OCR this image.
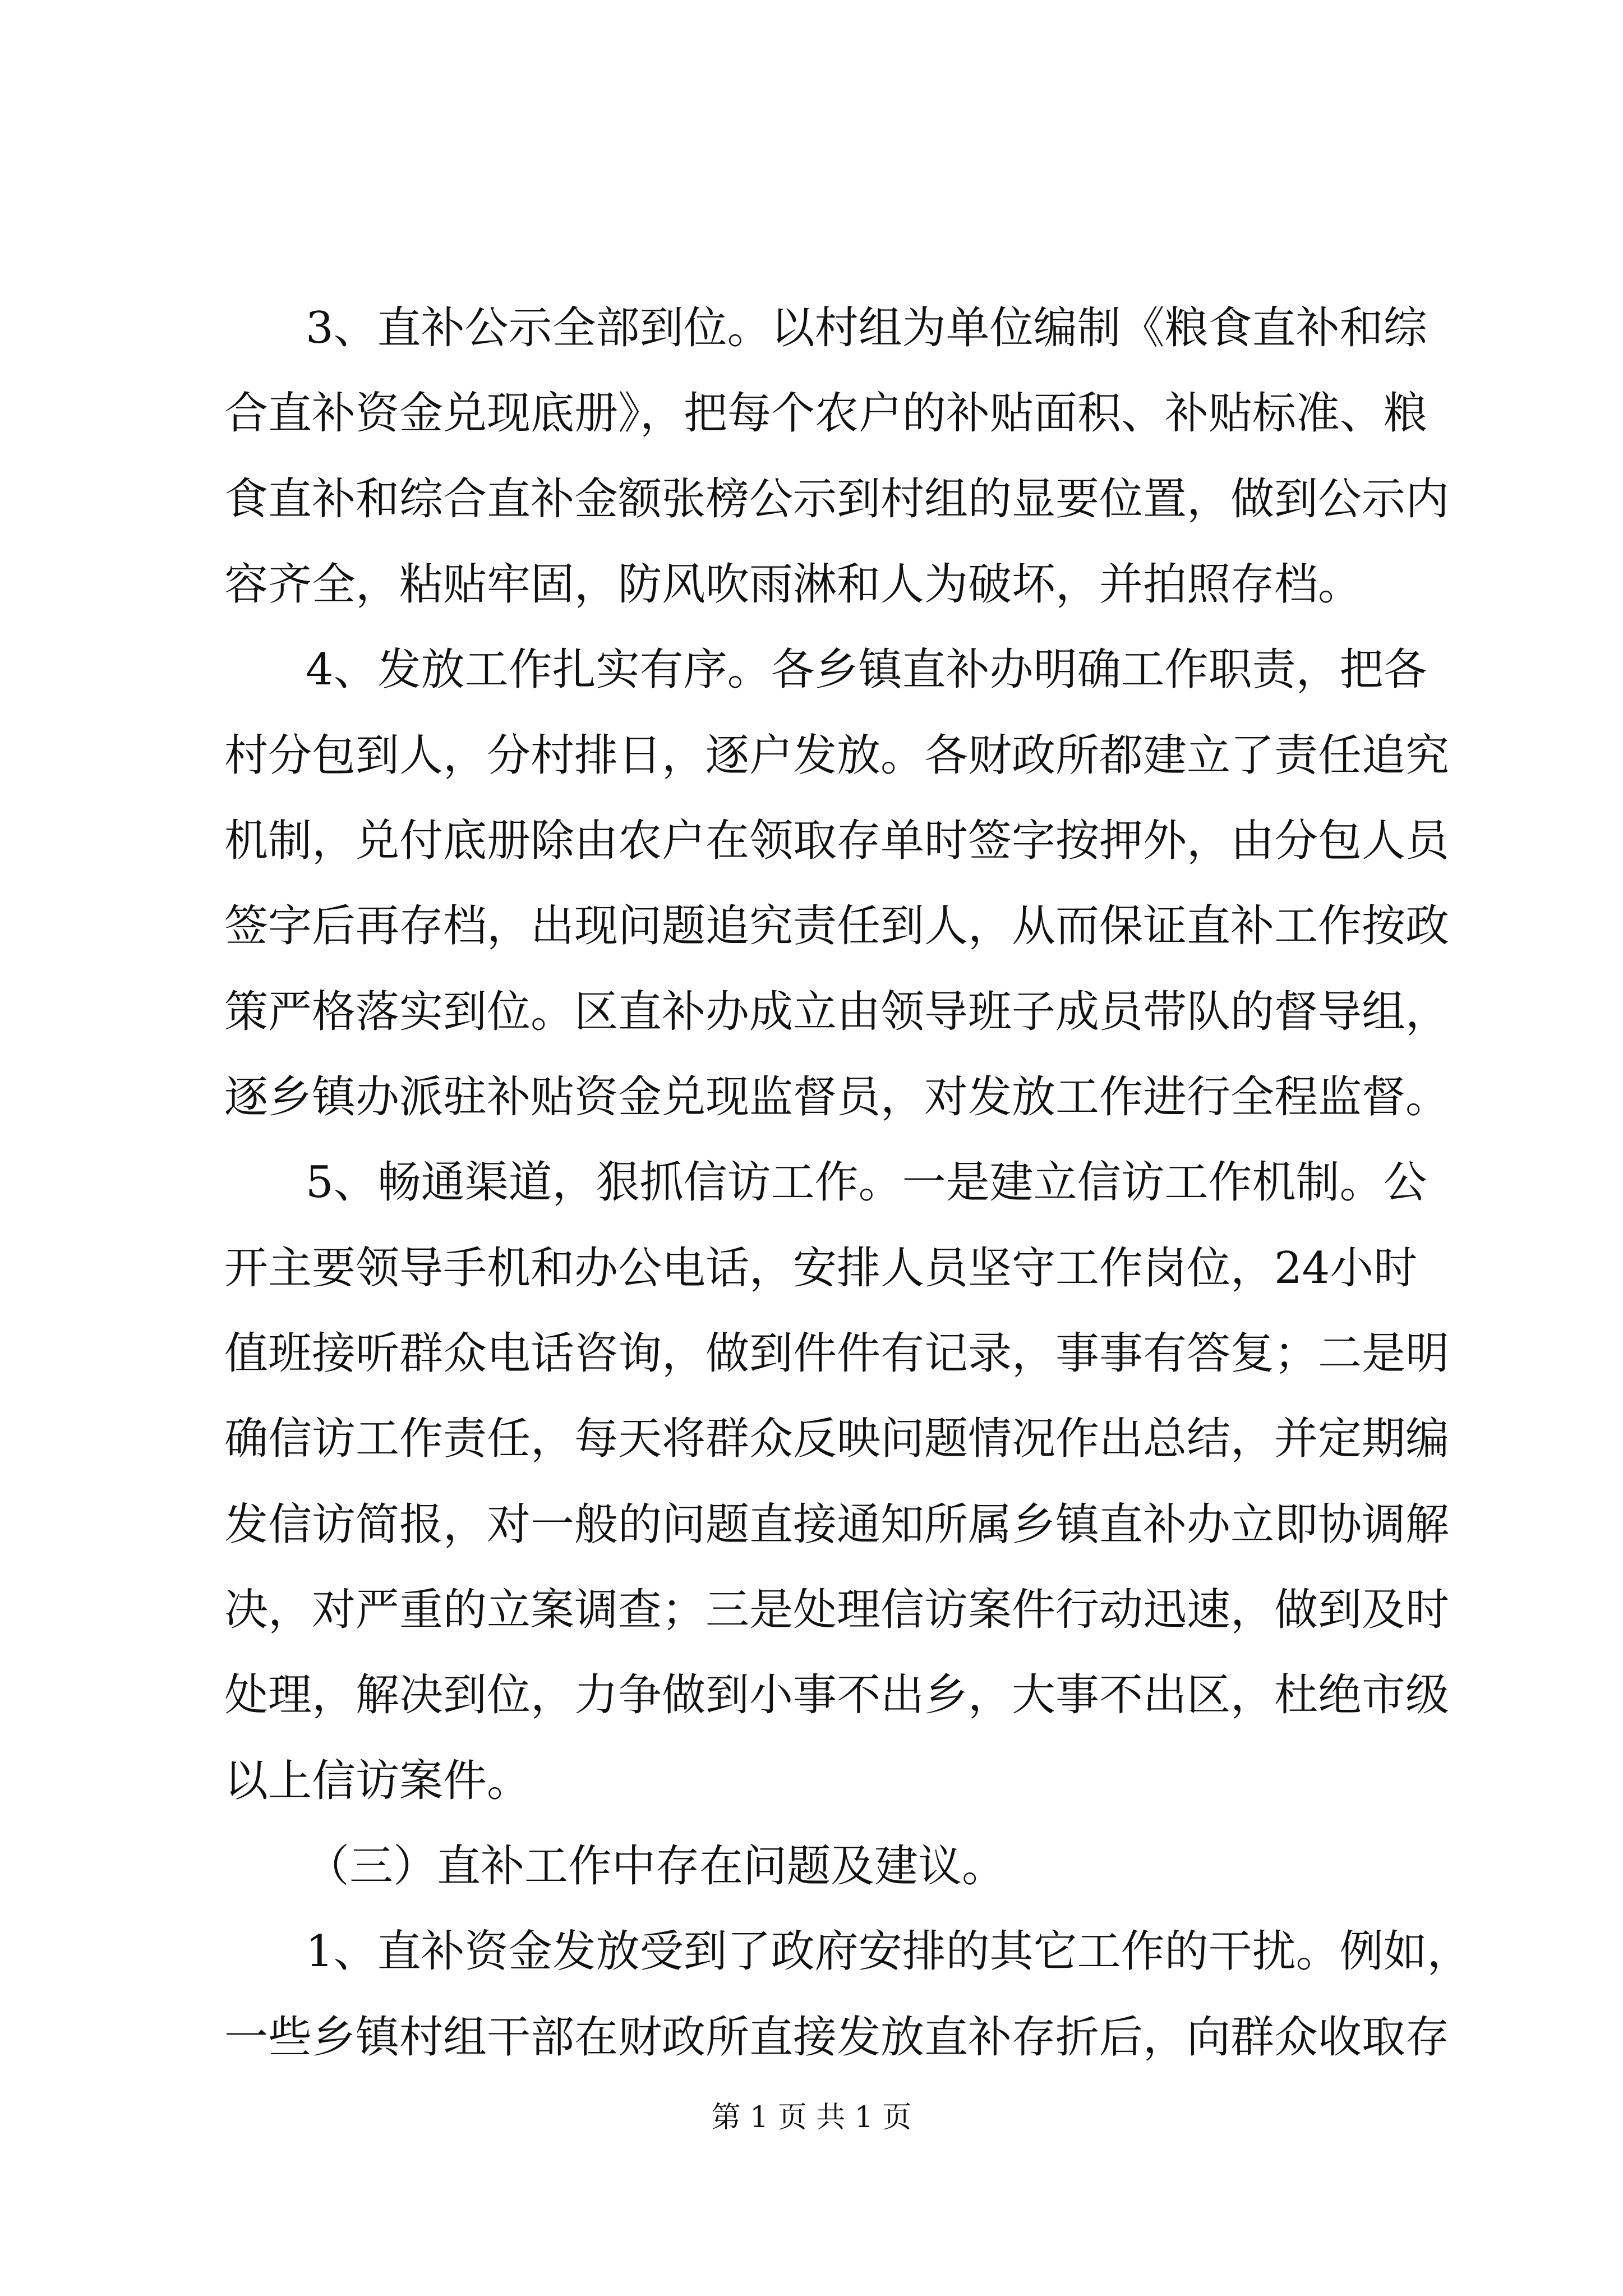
3、直补公示全部到位。以村组为单位编制《粮食直补和综
合直补资金兑现底册》，把每个农户的补贴面积、补贴标准、粮
食直补和综合直补金额张榜公示到村组的显要位置，做到公示内
容齐全，粘贴牢固，防风吹雨淋和人为破坏，并拍照存档。
4、发放工作扎实有序。各乡镇直补办明确工作职责，把各
村分包到人，分村排日，逐户发放。各财政所都建立了责任追究
机制，兑付底册除由农户在领取存单时签字按押外，由分包人员
签字后再存档，出现问题追究责任到人，从而保证直补工作按政
策严格落实到位。区直补办成立由领导班子成员带队的督导组，
逐乡镇办派驻补贴资金兑现监督员，对发放工作进行全程监督。
5、畅通渠道，狠抓信访工作。一是建立信访工作机制。公
开主要领导手机和办公电话，安排人员坚守工作岗位，24小时
值班接听群众电话咨询，做到件件有记录，事事有答复；二是明
确信访工作责任，每天将群众反映问题情况作出总结，并定期编
发信访简报，对一般的问题直接通知所属乡镇直补办立即协调解
决，对严重的立案调查；三是处理信访案件行动迅速，做到及时
处理，解决到位，力争做到小事不出乡，大事不出区，杜绝市级
以上信访案件。
（三）直补工作中存在问题及建议。
1、直补资金发放受到了政府安排的其它工作的干扰。例如，
一些乡镇村组干部在财政所直接发放直补存折后，向群众收取存
第 1 页 共 1 页
